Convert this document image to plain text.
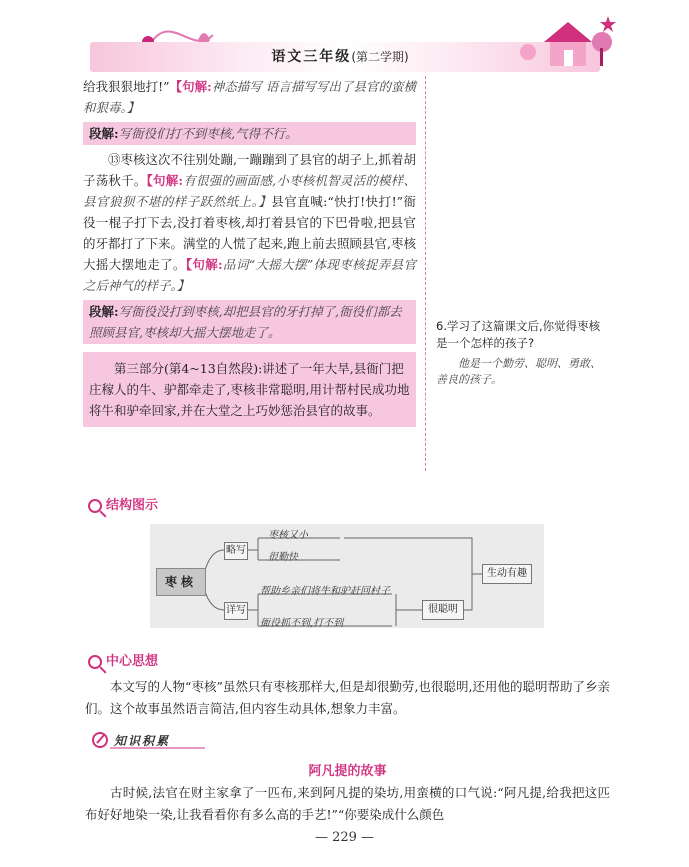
语文三年级(第二学期)

给我狠狠地打!”【句解:神态描写 语言描写写出了县官的蛮横和狠毒。】

段解:写衙役们打不到枣核,气得不行。

⑬枣核这次不往别处蹦,一蹦蹦到了县官的胡子上,抓着胡子荡秋千。【句解:有很强的画面感,小枣核机智灵活的模样、县官狼狈不堪的样子跃然纸上。】县官直喊:“快打!快打!”衙役一棍子打下去,没打着枣核,却打着县官的下巴骨啦,把县官的牙都打了下来。满堂的人慌了起来,跑上前去照顾县官,枣核大摇大摆地走了。【句解:品词“大摇大摆”体现枣核捉弄县官之后神气的样子。】

段解:写衙役没打到枣核,却把县官的牙打掉了,衙役们都去照顾县官,枣核却大摇大摆地走了。
第三部分(第4~13自然段):讲述了一年大旱,县衙门把庄稼人的牛、驴都牵走了,枣核非常聪明,用计帮村民成功地将牛和驴牵回家,并在大堂之上巧妙惩治县官的故事。
6.学习了这篇课文后,你觉得枣核是一个怎样的孩子?
他是一个勤劳、聪明、勇敢、善良的孩子。
结构图示
枣核
略写
详写
枣核又小
很勤快
帮助乡亲们将牛和驴赶回村子
衙役抓不到,打不到
很聪明
生动有趣
中心思想

本文写的人物“枣核”虽然只有枣核那样大,但是却很勤劳,也很聪明,还用他的聪明帮助了乡亲们。这个故事虽然语言简洁,但内容生动具体,想象力丰富。

知识积累
阿凡提的故事

古时候,法官在财主家拿了一匹布,来到阿凡提的染坊,用蛮横的口气说:“阿凡提,给我把这匹布好好地染一染,让我看看你有多么高的手艺!”“你要染成什么颜色

— 229 —
